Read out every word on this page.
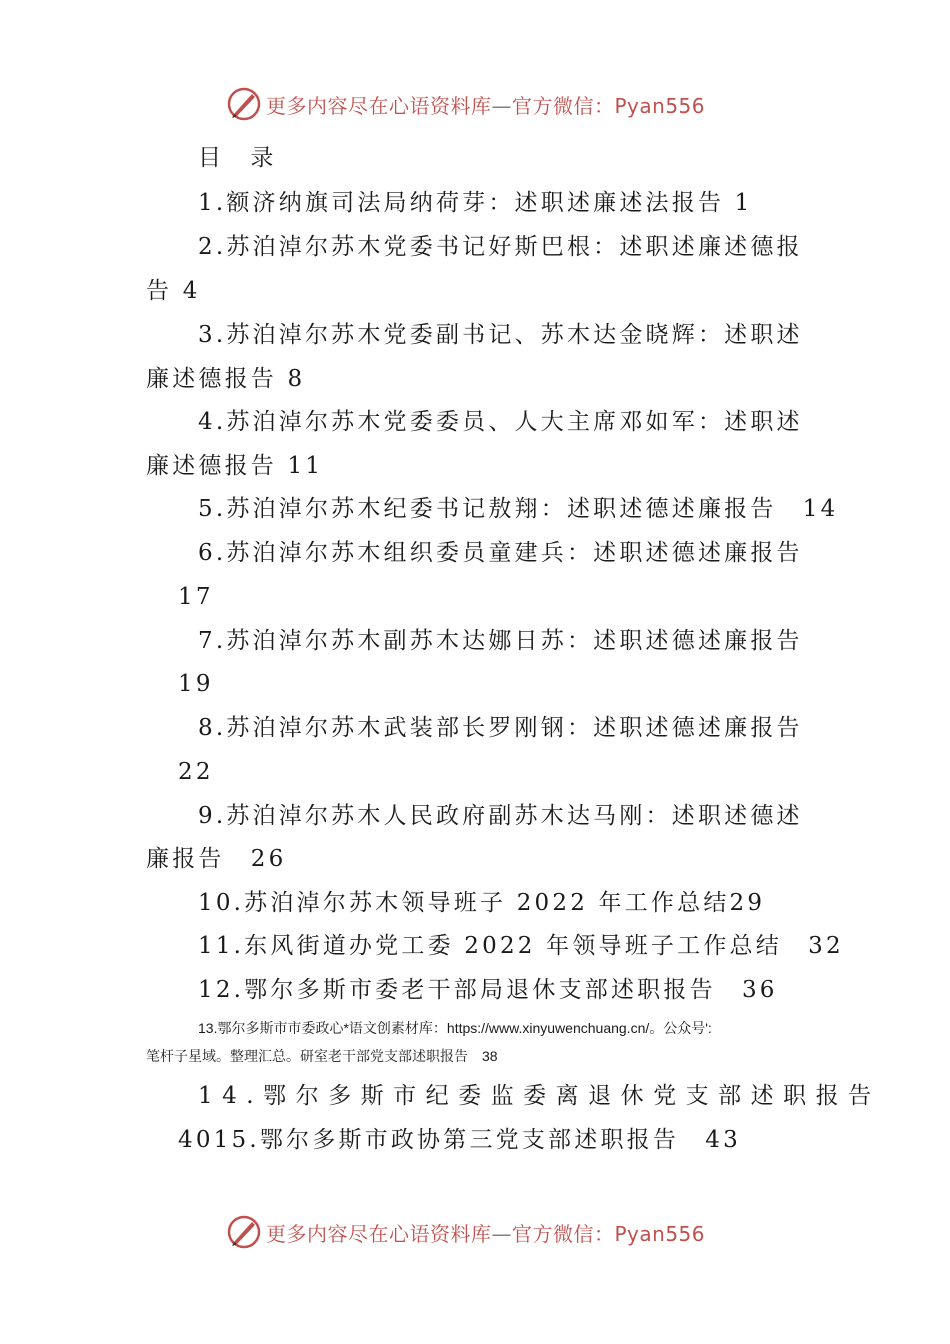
更多内容尽在心语资料库—官方微信：Pyan556
目　录
1.额济纳旗司法局纳荷芽：述职述廉述法报告 1
2.苏泊淖尔苏木党委书记好斯巴根：述职述廉述德报
告 4
3.苏泊淖尔苏木党委副书记、苏木达金晓辉：述职述
廉述德报告 8
4.苏泊淖尔苏木党委委员、人大主席邓如军：述职述
廉述德报告 11
5.苏泊淖尔苏木纪委书记敖翔：述职述德述廉报告　14
6.苏泊淖尔苏木组织委员童建兵：述职述德述廉报告
17
7.苏泊淖尔苏木副苏木达娜日苏：述职述德述廉报告
19
8.苏泊淖尔苏木武装部长罗刚钢：述职述德述廉报告
22
9.苏泊淖尔苏木人民政府副苏木达马刚：述职述德述
廉报告　26
10.苏泊淖尔苏木领导班子 2022 年工作总结29
11.东风街道办党工委 2022 年领导班子工作总结　32
12.鄂尔多斯市委老干部局退休支部述职报告　36
13.鄂尔多斯市市委政心*语文创素材库：https://www.xinyuwenchuang.cn/。公众号':
笔杆子星域。整理汇总。研室老干部党支部述职报告　38
14.鄂尔多斯市纪委监委离退休党支部述职报告
4015.鄂尔多斯市政协第三党支部述职报告　43
更多内容尽在心语资料库—官方微信：Pyan556
